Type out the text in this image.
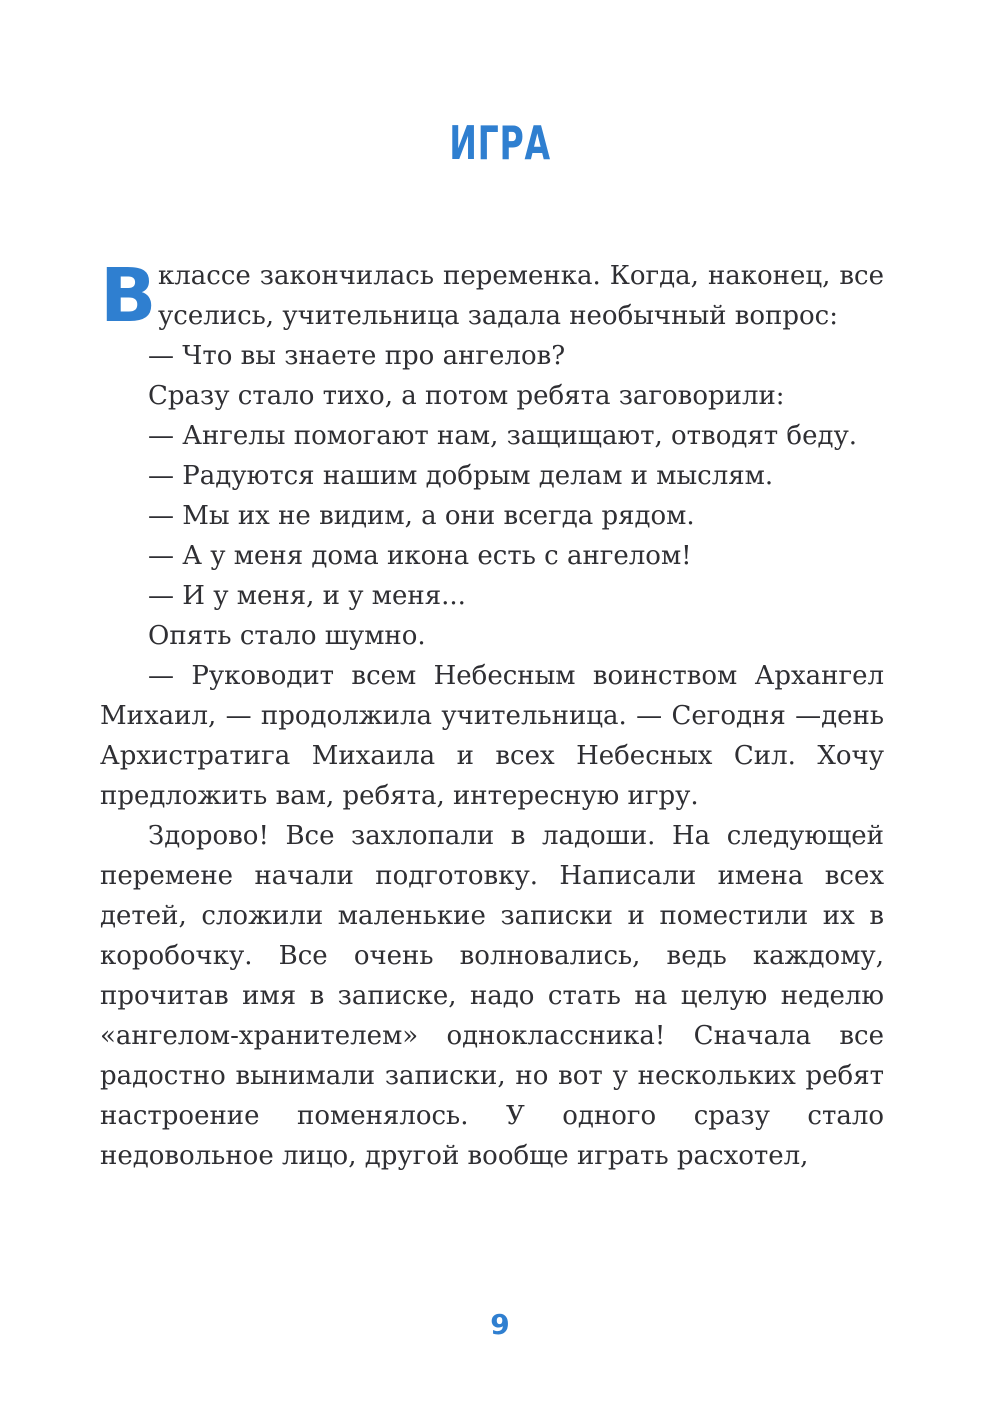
ИГРА

В классе закончилась переменка. Когда, наконец, все уселись, учительница задала необычный вопрос:

— Что вы знаете про ангелов?

Сразу стало тихо, а потом ребята заговорили:

— Ангелы помогают нам, защищают, отводят беду.

— Радуются нашим добрым делам и мыслям.

— Мы их не видим, а они всегда рядом.

— А у меня дома икона есть с ангелом!

— И у меня, и у меня...

Опять стало шумно.

— Руководит всем Небесным воинством Архангел Михаил, — продолжила учительница. — Сегодня —день Архистратига Михаила и всех Небесных Сил. Хочу предложить вам, ребята, интересную игру.

Здорово! Все захлопали в ладоши. На следующей перемене начали подготовку. Написали имена всех детей, сложили маленькие записки и поместили их в коробочку. Все очень волновались, ведь каждому, прочитав имя в записке, надо стать на целую неделю «ангелом-хранителем» одноклассника! Сначала все радостно вынимали записки, но вот у нескольких ребят настроение поменялось. У одного сразу стало недовольное лицо, другой вообще играть расхотел,

9
